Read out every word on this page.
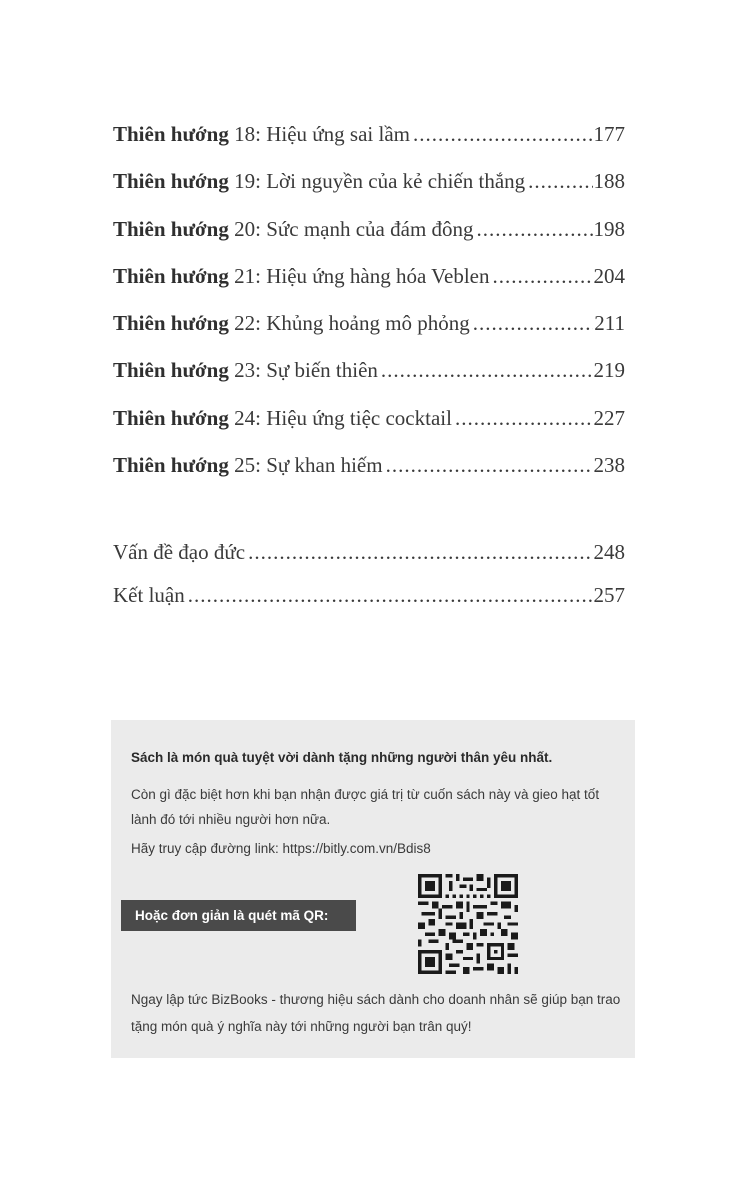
Thiên hướng 18: Hiệu ứng sai lầm .....	177
Thiên hướng 19: Lời nguyền của kẻ chiến thắng .....	188
Thiên hướng 20: Sức mạnh của đám đông .....	198
Thiên hướng 21: Hiệu ứng hàng hóa Veblen .....	204
Thiên hướng 22: Khủng hoảng mô phỏng .....	211
Thiên hướng 23: Sự biến thiên .....	219
Thiên hướng 24: Hiệu ứng tiệc cocktail .....	227
Thiên hướng 25: Sự khan hiếm .....	238
Vấn đề đạo đức .....	248
Kết luận .....	257
Sách là món quà tuyệt vời dành tặng những người thân yêu nhất.
Còn gì đặc biệt hơn khi bạn nhận được giá trị từ cuốn sách này và gieo hạt tốt lành đó tới nhiều người hơn nữa.
Hãy truy cập đường link: https://bitly.com.vn/Bdis8
Hoặc đơn giản là quét mã QR:
Ngay lập tức BizBooks - thương hiệu sách dành cho doanh nhân sẽ giúp bạn trao tặng món quà ý nghĩa này tới những người bạn trân quý!
